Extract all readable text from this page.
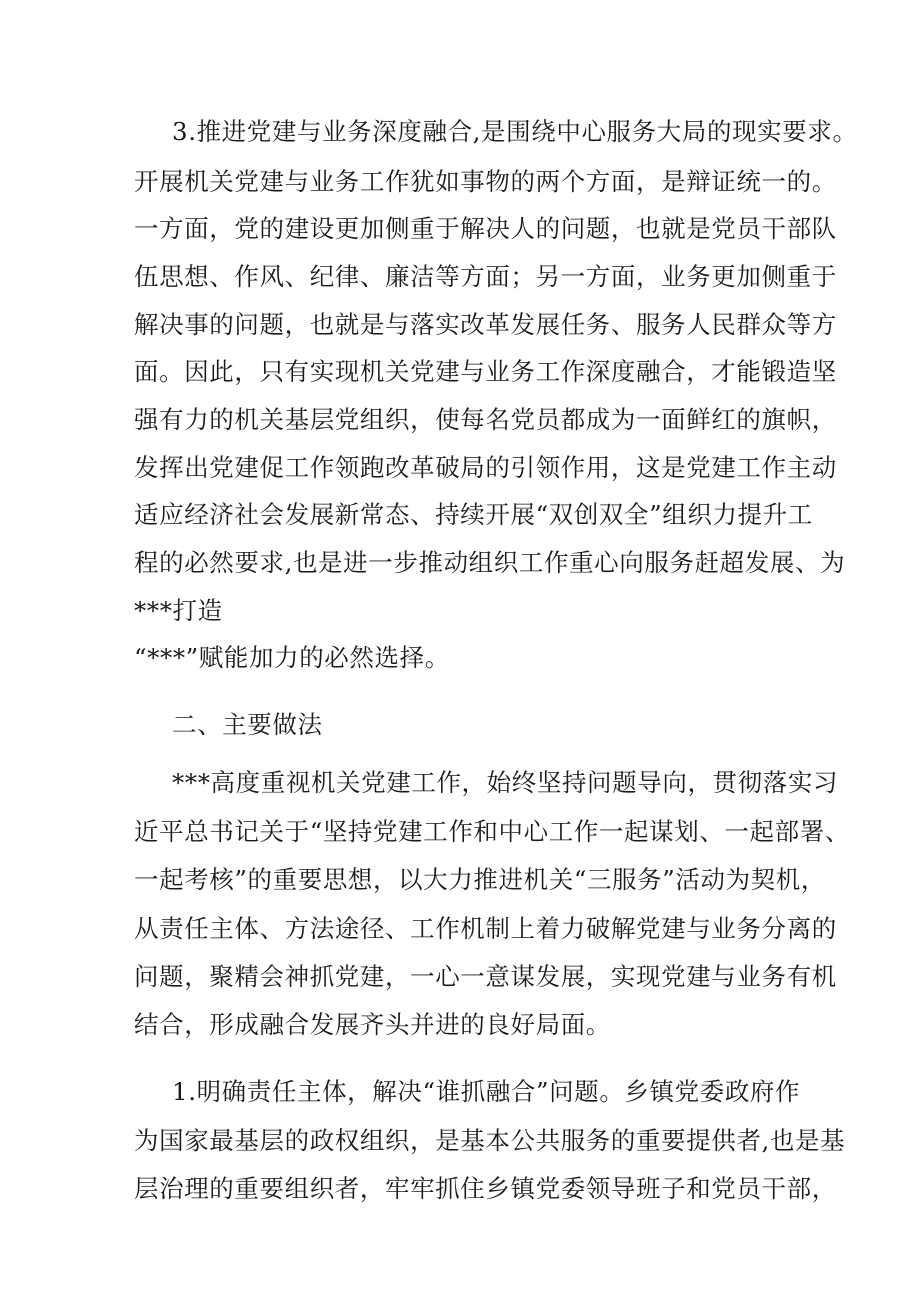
3.推进党建与业务深度融合,是围绕中心服务大局的现实要求。
开展机关党建与业务工作犹如事物的两个方面，是辩证统一的。
一方面，党的建设更加侧重于解决人的问题，也就是党员干部队
伍思想、作风、纪律、廉洁等方面；另一方面，业务更加侧重于
解决事的问题，也就是与落实改革发展任务、服务人民群众等方
面。因此，只有实现机关党建与业务工作深度融合，才能锻造坚
强有力的机关基层党组织，使每名党员都成为一面鲜红的旗帜，
发挥出党建促工作领跑改革破局的引领作用，这是党建工作主动
适应经济社会发展新常态、持续开展“双创双全”组织力提升工
程的必然要求,也是进一步推动组织工作重心向服务赶超发展、为
***打造
“***”赋能加力的必然选择。
二、主要做法
***高度重视机关党建工作，始终坚持问题导向，贯彻落实习
近平总书记关于“坚持党建工作和中心工作一起谋划、一起部署、
一起考核”的重要思想，以大力推进机关“三服务”活动为契机，
从责任主体、方法途径、工作机制上着力破解党建与业务分离的
问题，聚精会神抓党建，一心一意谋发展，实现党建与业务有机
结合，形成融合发展齐头并进的良好局面。
1.明确责任主体，解决“谁抓融合”问题。乡镇党委政府作
为国家最基层的政权组织，是基本公共服务的重要提供者,也是基
层治理的重要组织者，牢牢抓住乡镇党委领导班子和党员干部，
